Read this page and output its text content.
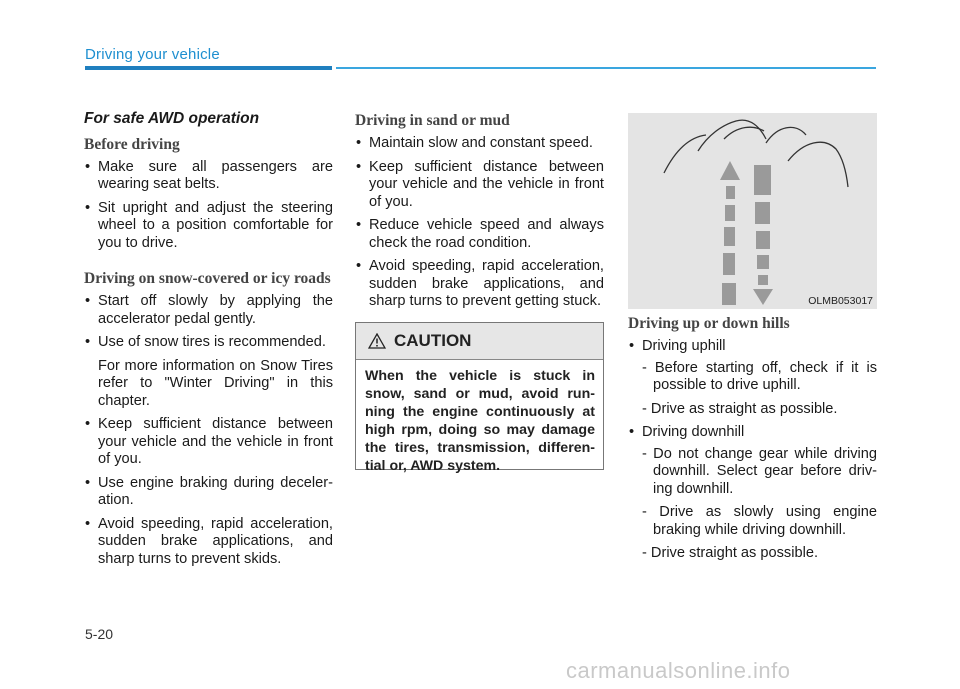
Driving your vehicle
For safe AWD operation
Before driving
• Make sure all passengers are wearing seat belts.
• Sit upright and adjust the steering wheel to a position comfortable for you to drive.
Driving on snow-covered or icy roads
• Start off slowly by applying the accelerator pedal gently.
• Use of snow tires is recommended.
For more information on Snow Tires refer to "Winter Driving" in this chapter.
• Keep sufficient distance between your vehicle and the vehicle in front of you.
• Use engine braking during deceler-ation.
• Avoid speeding, rapid acceleration, sudden brake applications, and sharp turns to prevent skids.
Driving in sand or mud
• Maintain slow and constant speed.
• Keep sufficient distance between your vehicle and the vehicle in front of you.
• Reduce vehicle speed and always check the road condition.
• Avoid speeding, rapid acceleration, sudden brake applications, and sharp turns to prevent getting stuck.
CAUTION
When the vehicle is stuck in snow, sand or mud, avoid run-ning the engine continuously at high rpm, doing so may damage the tires, transmission, differen-tial or, AWD system.
OLMB053017
Driving up or down hills
• Driving uphill
- Before starting off, check if it is possible to drive uphill.
- Drive as straight as possible.
• Driving downhill
- Do not change gear while driving downhill. Select gear before driv-ing downhill.
- Drive as slowly using engine braking while driving downhill.
- Drive straight as possible.
5-20
carmanualsonline.info
